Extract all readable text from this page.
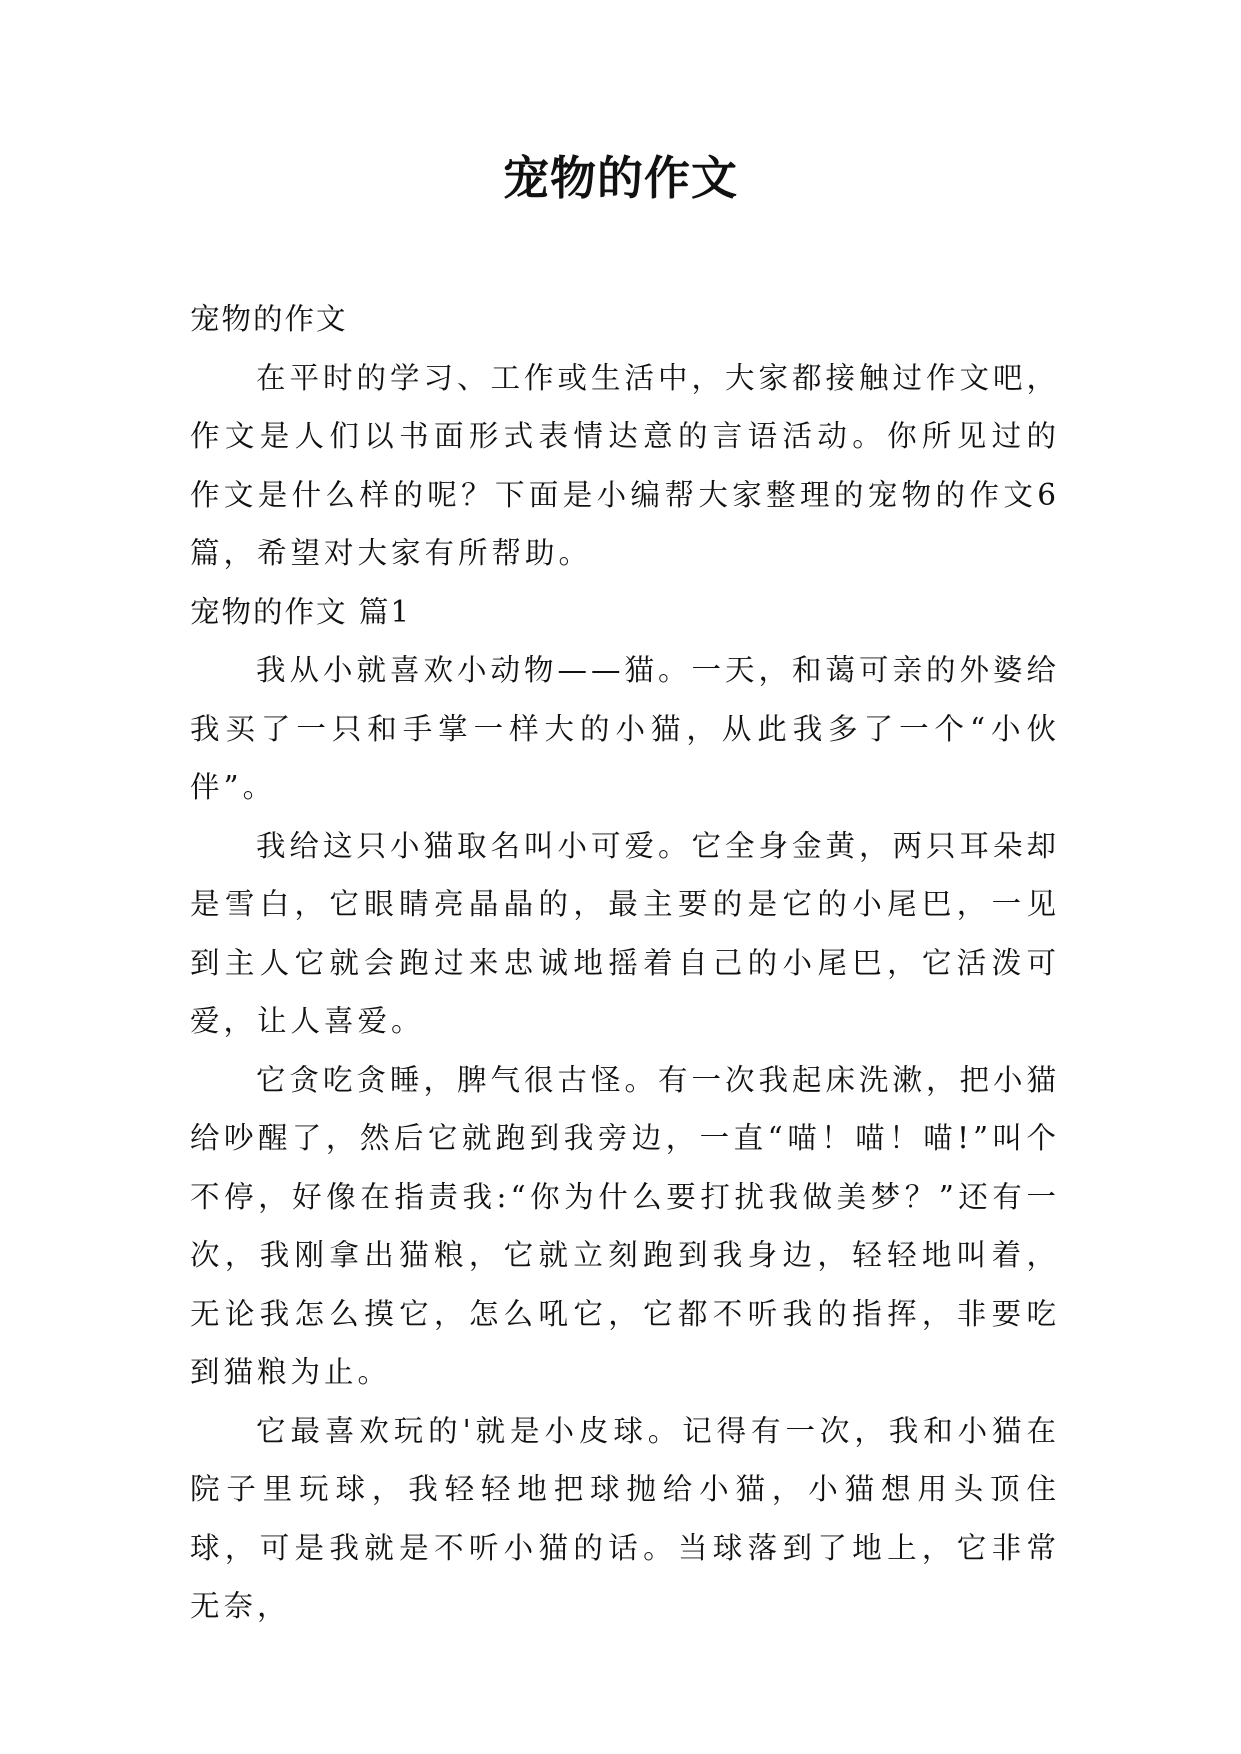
宠物的作文

宠物的作文

在平时的学习、工作或生活中，大家都接触过作文吧，作文是人们以书面形式表情达意的言语活动。你所见过的作文是什么样的呢？下面是小编帮大家整理的宠物的作文6篇，希望对大家有所帮助。

宠物的作文 篇1

我从小就喜欢小动物——猫。一天，和蔼可亲的外婆给我买了一只和手掌一样大的小猫，从此我多了一个“小伙伴”。

我给这只小猫取名叫小可爱。它全身金黄，两只耳朵却是雪白，它眼睛亮晶晶的，最主要的是它的小尾巴，一见到主人它就会跑过来忠诚地摇着自己的小尾巴，它活泼可爱，让人喜爱。

它贪吃贪睡，脾气很古怪。有一次我起床洗漱，把小猫给吵醒了，然后它就跑到我旁边，一直“喵！喵！喵!”叫个不停，好像在指责我:“你为什么要打扰我做美梦？”还有一次，我刚拿出猫粮，它就立刻跑到我身边，轻轻地叫着，无论我怎么摸它，怎么吼它，它都不听我的指挥，非要吃到猫粮为止。

它最喜欢玩的'就是小皮球。记得有一次，我和小猫在院子里玩球，我轻轻地把球抛给小猫，小猫想用头顶住球，可是我就是不听小猫的话。当球落到了地上，它非常无奈，
